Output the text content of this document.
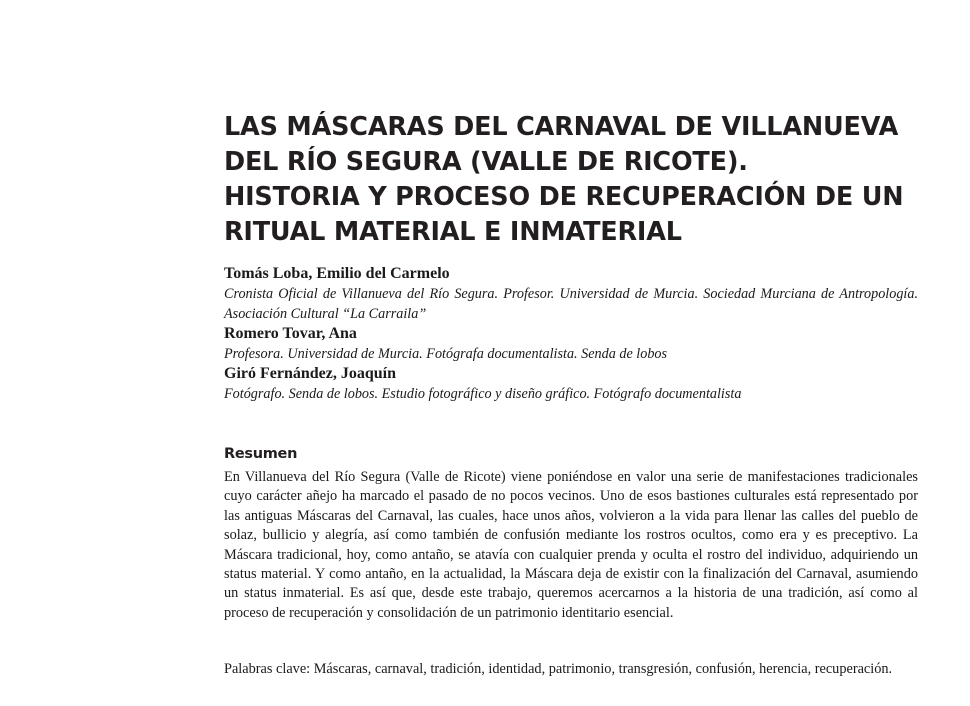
LAS MÁSCARAS DEL CARNAVAL DE VILLANUEVA
DEL RÍO SEGURA (VALLE DE RICOTE).
HISTORIA Y PROCESO DE RECUPERACIÓN DE UN
RITUAL MATERIAL E INMATERIAL
Tomás Loba, Emilio del Carmelo
Cronista Oficial de Villanueva del Río Segura. Profesor. Universidad de Murcia. Sociedad Murciana de Antropología. Asociación Cultural “La Carraila”
Romero Tovar, Ana
Profesora. Universidad de Murcia. Fotógrafa documentalista. Senda de lobos
Giró Fernández, Joaquín
Fotógrafo. Senda de lobos. Estudio fotográfico y diseño gráfico. Fotógrafo documentalista
Resumen

En Villanueva del Río Segura (Valle de Ricote) viene poniéndose en valor una serie de manifestaciones tradicionales cuyo carácter añejo ha marcado el pasado de no pocos vecinos. Uno de esos bastiones culturales está representado por las antiguas Máscaras del Carnaval, las cuales, hace unos años, volvieron a la vida para llenar las calles del pueblo de solaz, bullicio y alegría, así como también de confusión mediante los rostros ocultos, como era y es preceptivo. La Máscara tradicional, hoy, como antaño, se atavía con cualquier prenda y oculta el rostro del individuo, adquiriendo un status material. Y como antaño, en la actualidad, la Máscara deja de existir con la finalización del Carnaval, asumiendo un status inmaterial. Es así que, desde este trabajo, queremos acercarnos a la historia de una tradición, así como al proceso de recuperación y consolidación de un patrimonio identitario esencial.

Palabras clave: Máscaras, carnaval, tradición, identidad, patrimonio, transgresión, confusión, herencia, recuperación.
